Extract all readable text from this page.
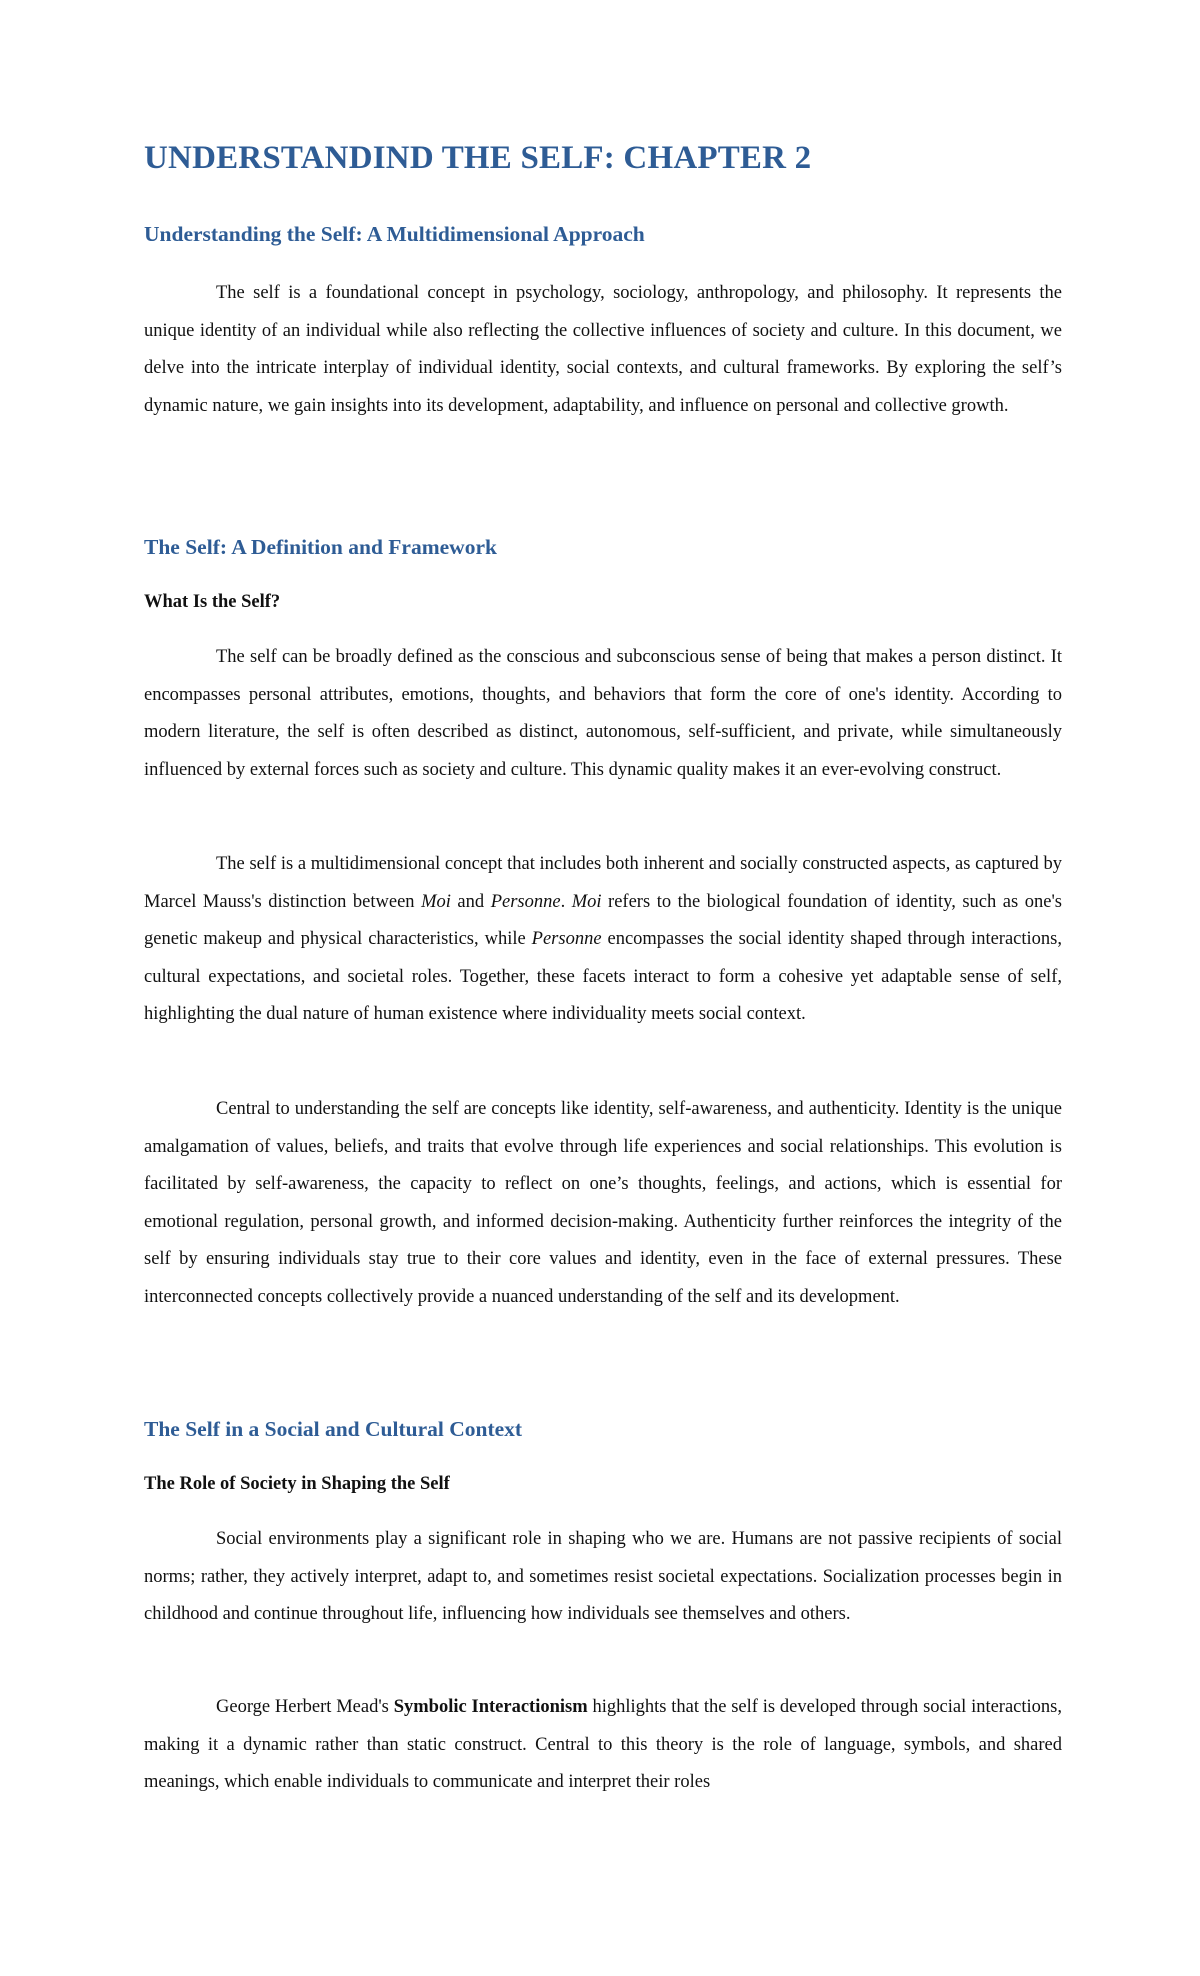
UNDERSTANDIND THE SELF: CHAPTER 2
Understanding the Self: A Multidimensional Approach

The self is a foundational concept in psychology, sociology, anthropology, and philosophy. It represents the unique identity of an individual while also reflecting the collective influences of society and culture. In this document, we delve into the intricate interplay of individual identity, social contexts, and cultural frameworks. By exploring the self’s dynamic nature, we gain insights into its development, adaptability, and influence on personal and collective growth.

The Self: A Definition and Framework
What Is the Self?

The self can be broadly defined as the conscious and subconscious sense of being that makes a person distinct. It encompasses personal attributes, emotions, thoughts, and behaviors that form the core of one's identity. According to modern literature, the self is often described as distinct, autonomous, self-sufficient, and private, while simultaneously influenced by external forces such as society and culture. This dynamic quality makes it an ever-evolving construct.

The self is a multidimensional concept that includes both inherent and socially constructed aspects, as captured by Marcel Mauss's distinction between Moi and Personne. Moi refers to the biological foundation of identity, such as one's genetic makeup and physical characteristics, while Personne encompasses the social identity shaped through interactions, cultural expectations, and societal roles. Together, these facets interact to form a cohesive yet adaptable sense of self, highlighting the dual nature of human existence where individuality meets social context.

Central to understanding the self are concepts like identity, self-awareness, and authenticity. Identity is the unique amalgamation of values, beliefs, and traits that evolve through life experiences and social relationships. This evolution is facilitated by self-awareness, the capacity to reflect on one’s thoughts, feelings, and actions, which is essential for emotional regulation, personal growth, and informed decision-making. Authenticity further reinforces the integrity of the self by ensuring individuals stay true to their core values and identity, even in the face of external pressures. These interconnected concepts collectively provide a nuanced understanding of the self and its development.

The Self in a Social and Cultural Context
The Role of Society in Shaping the Self

Social environments play a significant role in shaping who we are. Humans are not passive recipients of social norms; rather, they actively interpret, adapt to, and sometimes resist societal expectations. Socialization processes begin in childhood and continue throughout life, influencing how individuals see themselves and others.

George Herbert Mead's Symbolic Interactionism highlights that the self is developed through social interactions, making it a dynamic rather than static construct. Central to this theory is the role of language, symbols, and shared meanings, which enable individuals to communicate and interpret their roles
